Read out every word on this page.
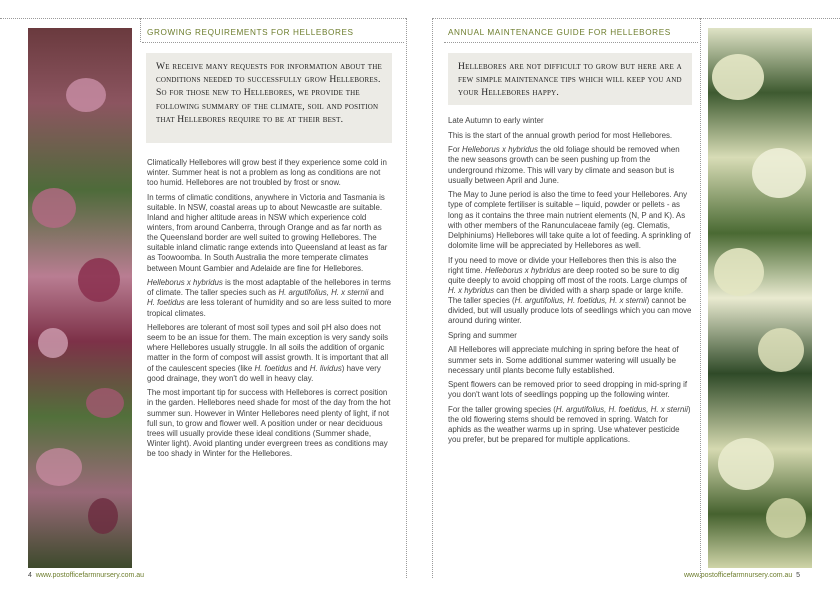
GROWING REQUIREMENTS FOR HELLEBORES

We receive many requests for information about the conditions needed to successfully grow Hellebores. So for those new to Hellebores, we provide the following summary of the climate, soil and position that Hellebores require to be at their best.

Climatically Hellebores will grow best if they experience some cold in winter. Summer heat is not a problem as long as conditions are not too humid. Hellebores are not troubled by frost or snow.

In terms of climatic conditions, anywhere in Victoria and Tasmania is suitable. In NSW, coastal areas up to about Newcastle are suitable. Inland and higher altitude areas in NSW which experience cold winters, from around Canberra, through Orange and as far north as the Queensland border are well suited to growing Hellebores. The suitable inland climatic range extends into Queensland at least as far as Toowoomba. In South Australia the more temperate climates between Mount Gambier and Adelaide are fine for Hellebores.

Helleborus x hybridus is the most adaptable of the hellebores in terms of climate. The taller species such as H. argutifolius, H. x sternii and H. foetidus are less tolerant of humidity and so are less suited to more tropical climates.

Hellebores are tolerant of most soil types and soil pH also does not seem to be an issue for them. The main exception is very sandy soils where Hellebores usually struggle. In all soils the addition of organic matter in the form of compost will assist growth. It is important that all of the caulescent species (like H. foetidus and H. lividus) have very good drainage, they won't do well in heavy clay.

The most important tip for success with Hellebores is correct position in the garden. Hellebores need shade for most of the day from the hot summer sun. However in Winter Hellebores need plenty of light, if not full sun, to grow and flower well. A position under or near deciduous trees will usually provide these ideal conditions (Summer shade, Winter light). Avoid planting under evergreen trees as conditions may be too shady in Winter for the Hellebores.

4 www.postofficefarmnursery.com.au
ANNUAL MAINTENANCE GUIDE FOR HELLEBORES

Hellebores are not difficult to grow but here are a few simple maintenance tips which will keep you and your Hellebores happy.

Late Autumn to early winter

This is the start of the annual growth period for most Hellebores.

For Helleborus x hybridus the old foliage should be removed when the new seasons growth can be seen pushing up from the underground rhizome. This will vary by climate and season but is usually between April and June.

The May to June period is also the time to feed your Hellebores. Any type of complete fertiliser is suitable – liquid, powder or pellets - as long as it contains the three main nutrient elements (N, P and K). As with other members of the Ranunculaceae family (eg. Clematis, Delphiniums) Hellebores will take quite a lot of feeding. A sprinkling of dolomite lime will be appreciated by Hellebores as well.

If you need to move or divide your Hellebores then this is also the right time. Helleborus x hybridus are deep rooted so be sure to dig quite deeply to avoid chopping off most of the roots. Large clumps of H. x hybridus can then be divided with a sharp spade or large knife. The taller species (H. argutifolius, H. foetidus, H. x sternii) cannot be divided, but will usually produce lots of seedlings which you can move around during winter.

Spring and summer

All Hellebores will appreciate mulching in spring before the heat of summer sets in. Some additional summer watering will usually be necessary until plants become fully established.

Spent flowers can be removed prior to seed dropping in mid-spring if you don't want lots of seedlings popping up the following winter.

For the taller growing species (H. argutifolius, H. foetidus, H. x sternii) the old flowering stems should be removed in spring. Watch for aphids as the weather warms up in spring. Use whatever pesticide you prefer, but be prepared for multiple applications.

www.postofficefarmnursery.com.au 5
